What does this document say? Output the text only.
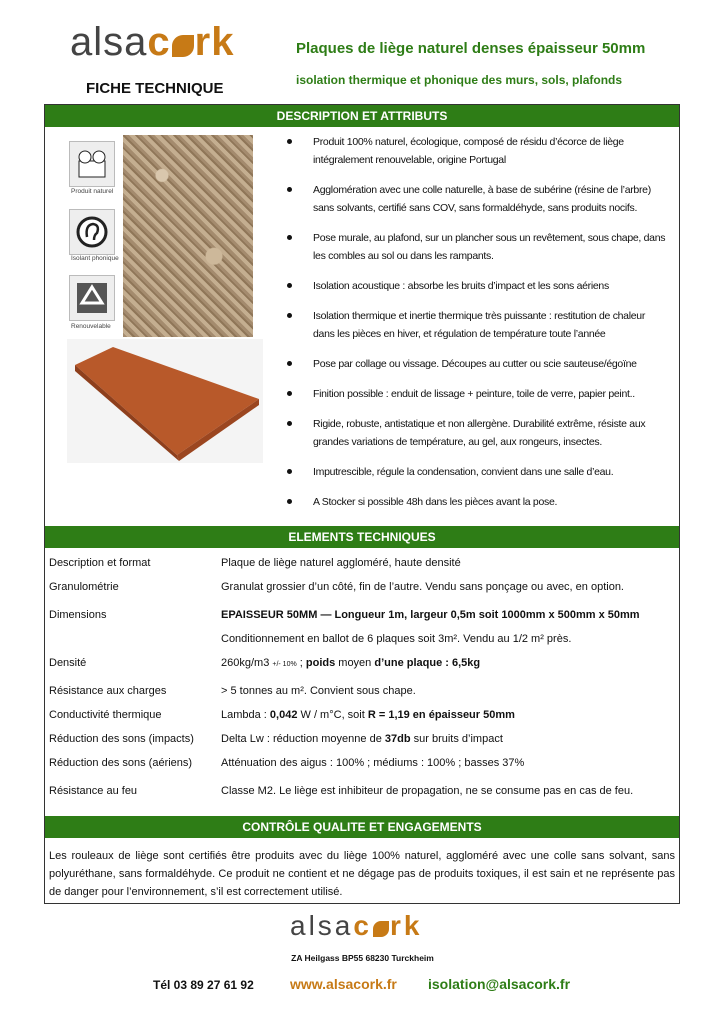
alsac rk
FICHE TECHNIQUE
Plaques de liège naturel denses épaisseur 50mm
isolation thermique et phonique des murs, sols, plafonds
DESCRIPTION ET ATTRIBUTS
Produit naturel
Isolant phonique
Renouvelable
Produit 100% naturel, écologique, composé de résidu d’écorce de liège intégralement renouvelable, origine Portugal
Agglomération avec une colle naturelle, à base de subérine (résine de l’arbre) sans solvants, certifié sans COV, sans formaldéhyde, sans produits nocifs.
Pose murale, au plafond, sur un plancher sous un revêtement, sous chape, dans les combles au sol ou dans les rampants.
Isolation acoustique : absorbe les bruits d’impact et les sons aériens
Isolation thermique et inertie thermique très puissante : restitution de chaleur dans les pièces en hiver, et régulation de température toute l’année
Pose par collage ou vissage. Découpes au cutter ou scie sauteuse/égoïne
Finition possible : enduit de lissage + peinture, toile de verre, papier peint..
Rigide, robuste, antistatique et non allergène. Durabilité extrême, résiste aux grandes variations de température, au gel, aux rongeurs, insectes.
Imputrescible, régule la condensation, convient dans une salle d’eau.
A Stocker si possible 48h dans les pièces avant la pose.
ELEMENTS TECHNIQUES
Description et format	Plaque de liège naturel aggloméré, haute densité
Granulométrie	Granulat grossier d’un côté, fin de l’autre. Vendu sans ponçage ou avec, en option.
Dimensions	EPAISSEUR 50MM — Longueur 1m, largeur 0,5m soit 1000mm x 500mm x 50mm
Conditionnement en ballot de 6 plaques soit 3m². Vendu au 1/2 m² près.
Densité	260kg/m3 +/- 10% ; poids moyen d’une plaque : 6,5kg
Résistance aux charges	> 5 tonnes au m². Convient sous chape.
Conductivité thermique	Lambda : 0,042 W / m°C, soit R = 1,19 en épaisseur 50mm
Réduction des sons (impacts) Delta Lw : réduction moyenne de 37db sur bruits d’impact
Réduction des sons (aériens)	Atténuation des aigus : 100% ; médiums : 100% ; basses 37%
Résistance au feu	Classe M2. Le liège est inhibiteur de propagation, ne se consume pas en cas de feu.
CONTRÔLE QUALITE ET ENGAGEMENTS
Les rouleaux de liège sont certifiés être produits avec du liège 100% naturel, aggloméré avec une colle sans solvant, sans polyuréthane, sans formaldéhyde. Ce produit ne contient et ne dégage pas de produits toxiques, il est sain et ne représente pas de danger pour l’environnement, s’il est correctement utilisé.
alsac rk
ZA Heilgass BP55 68230 Turckheim
Tél 03 89 27 61 92	www.alsacork.fr isolation@alsacork.fr
